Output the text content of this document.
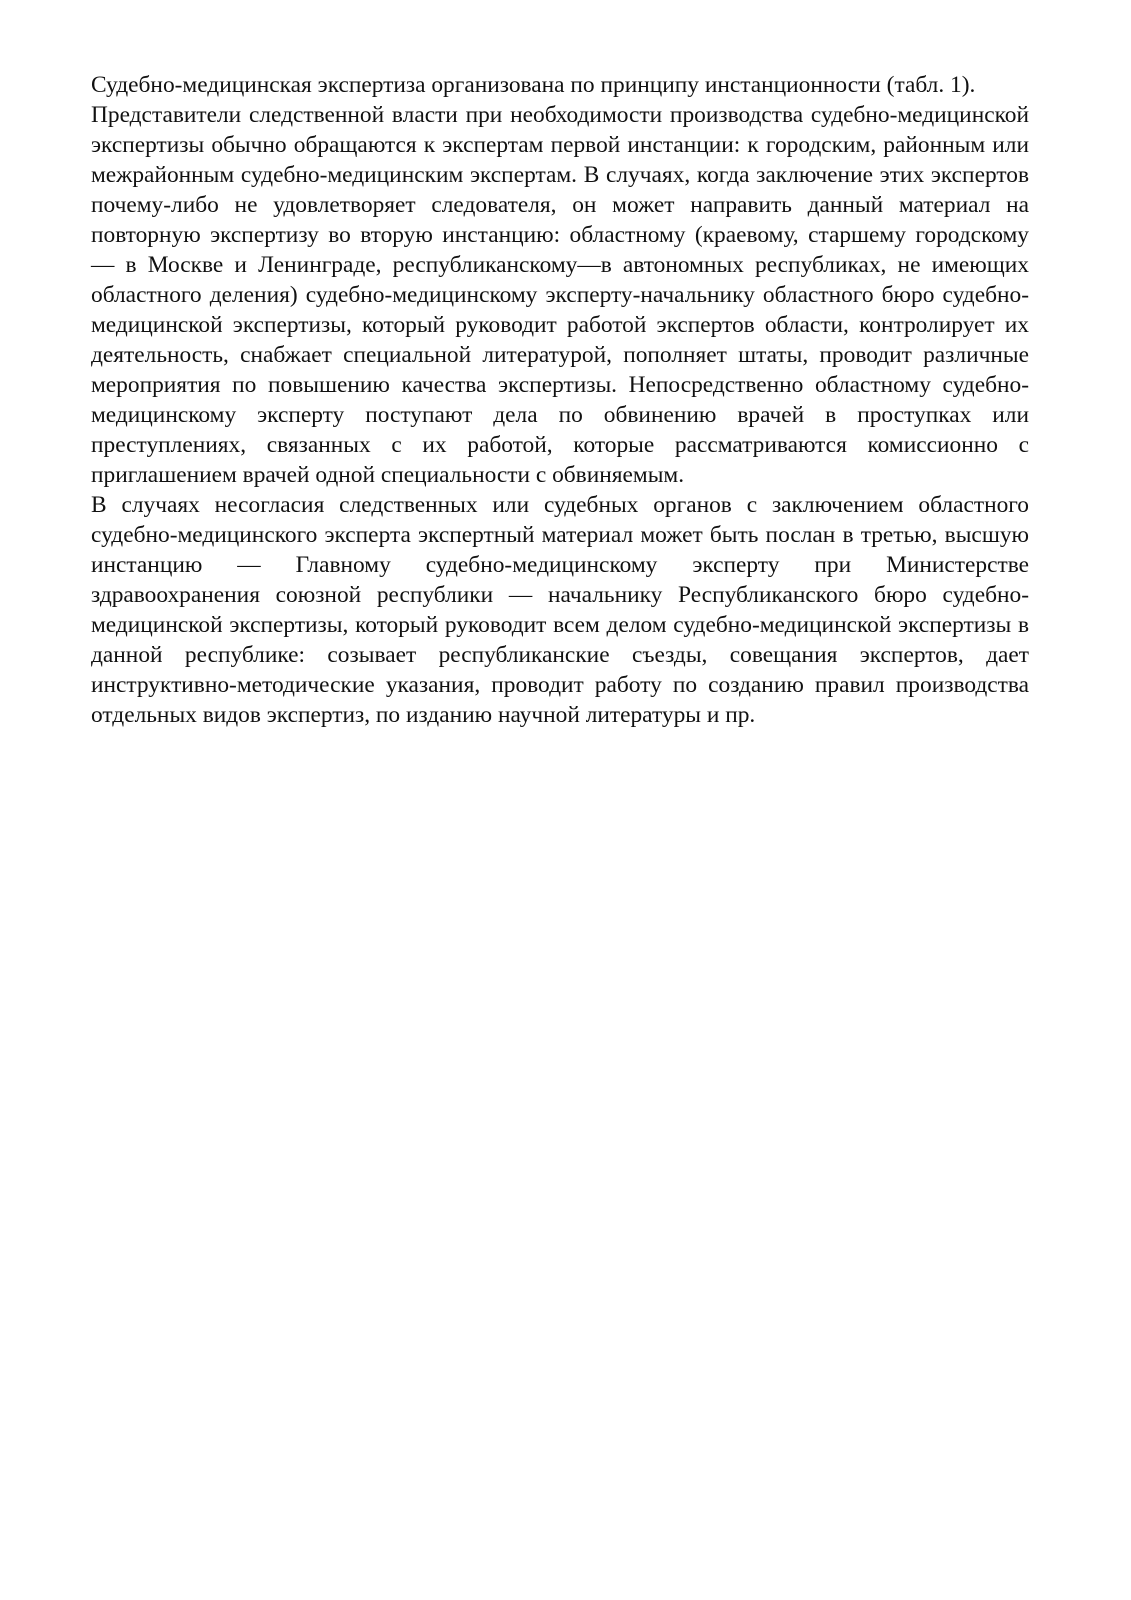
Судебно-медицинская экспертиза организована по принципу инстанционности (табл. 1).

Представители следственной власти при необходимости производства судебно-медицинской экспертизы обычно обращаются к экспертам первой инстанции: к городским, районным или межрайонным судебно-медицинским экспертам. В случаях, когда заключение этих экспертов почему-либо не удовлетворяет следователя, он может направить данный материал на повторную экспертизу во вторую инстанцию: областному (краевому, старшему городскому — в Москве и Ленинграде, республиканскому—в автономных республиках, не имеющих областного деления) судебно-медицинскому эксперту-начальнику областного бюро судебно-медицинской экспертизы, который руководит работой экспертов области, контролирует их деятельность, снабжает специальной литературой, пополняет штаты, проводит различные мероприятия по повышению качества экспертизы. Непосредственно областному судебно-медицинскому эксперту поступают дела по обвинению врачей в проступках или преступлениях, связанных с их работой, которые рассматриваются комиссионно с приглашением врачей одной специальности с обвиняемым.

В случаях несогласия следственных или судебных органов с заключением областного судебно-медицинского эксперта экспертный материал может быть послан в третью, высшую инстанцию — Главному судебно-медицинскому эксперту при Министерстве здравоохранения союзной республики — начальнику Республиканского бюро судебно-медицинской экспертизы, который руководит всем делом судебно-медицинской экспертизы в данной республике: созывает республиканские съезды, совещания экспертов, дает инструктивно-методические указания, проводит работу по созданию правил производства отдельных видов экспертиз, по изданию научной литературы и пр.
